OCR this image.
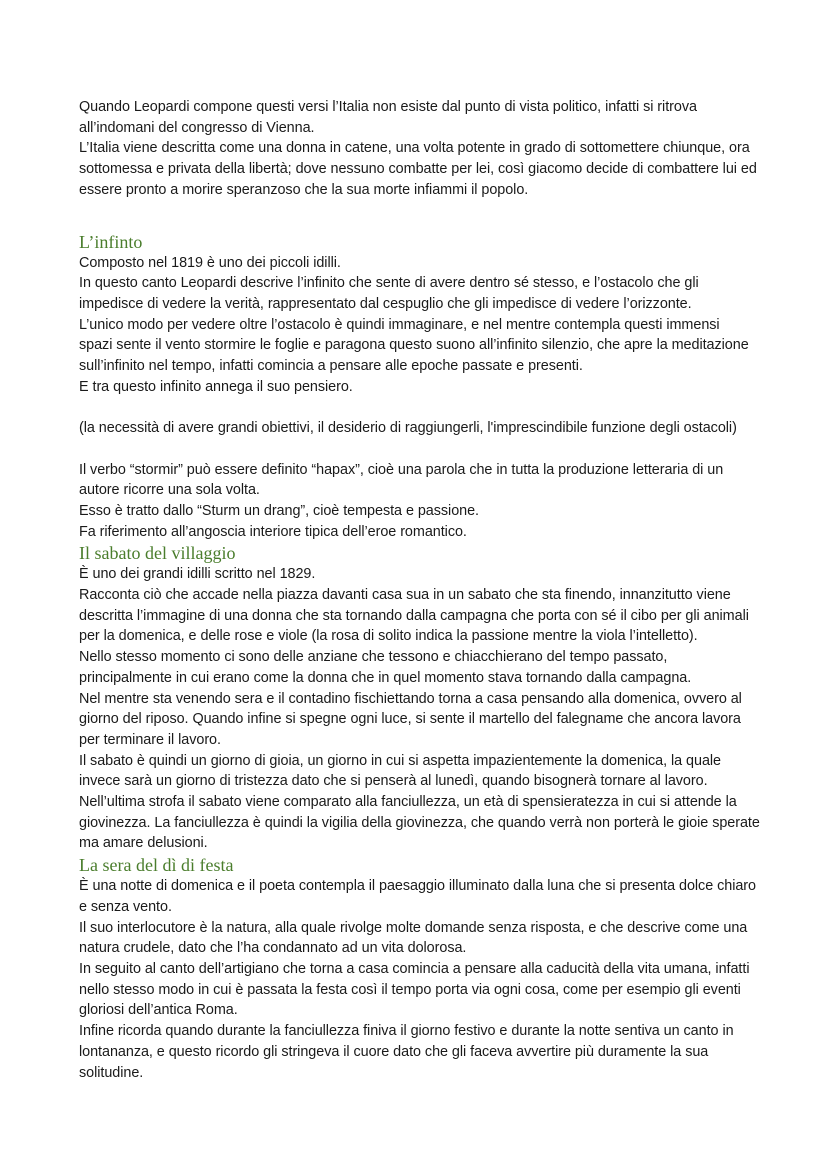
Quando Leopardi compone questi versi l’Italia non esiste dal punto di vista politico, infatti si ritrova
all’indomani del congresso di Vienna.
L’Italia viene descritta come una donna in catene, una volta potente in grado di sottomettere chiunque, ora
sottomessa e privata della libertà; dove nessuno combatte per lei, così giacomo decide di combattere lui ed
essere pronto a morire speranzoso che la sua morte infiammi il popolo.

L’infinto

Composto nel 1819 è uno dei piccoli idilli.
In questo canto Leopardi descrive l’infinito che sente di avere dentro sé stesso, e l’ostacolo che gli
impedisce di vedere la verità, rappresentato dal cespuglio che gli impedisce di vedere l’orizzonte.
L’unico modo per vedere oltre l’ostacolo è quindi immaginare, e nel mentre contempla questi immensi
spazi sente il vento stormire le foglie e paragona questo suono all’infinito silenzio, che apre la meditazione
sull’infinito nel tempo, infatti comincia a pensare alle epoche passate e presenti.
E tra questo infinito annega il suo pensiero.
(la necessità di avere grandi obiettivi, il desiderio di raggiungerli, l'imprescindibile funzione degli ostacoli)
Il verbo “stormir” può essere definito “hapax”, cioè una parola che in tutta la produzione letteraria di un
autore ricorre una sola volta.
Esso è tratto dallo “Sturm un drang”, cioè tempesta e passione.
Fa riferimento all’angoscia interiore tipica dell’eroe romantico.

Il sabato del villaggio

È uno dei grandi idilli scritto nel 1829.
Racconta ciò che accade nella piazza davanti casa sua in un sabato che sta finendo, innanzitutto viene
descritta l’immagine di una donna che sta tornando dalla campagna che porta con sé il cibo per gli animali
per la domenica, e delle rose e viole (la rosa di solito indica la passione mentre la viola l’intelletto).
Nello stesso momento ci sono delle anziane che tessono e chiacchierano del tempo passato,
principalmente in cui erano come la donna che in quel momento stava tornando dalla campagna.
Nel mentre sta venendo sera e il contadino fischiettando torna a casa pensando alla domenica, ovvero al
giorno del riposo. Quando infine si spegne ogni luce, si sente il martello del falegname che ancora lavora
per terminare il lavoro.
Il sabato è quindi un giorno di gioia, un giorno in cui si aspetta impazientemente la domenica, la quale
invece sarà un giorno di tristezza dato che si penserà al lunedì, quando bisognerà tornare al lavoro.
Nell’ultima strofa il sabato viene comparato alla fanciullezza, un età di spensieratezza in cui si attende la
giovinezza. La fanciullezza è quindi la vigilia della giovinezza, che quando verrà non porterà le gioie sperate
ma amare delusioni.

La sera del dì di festa

È una notte di domenica e il poeta contempla il paesaggio illuminato dalla luna che si presenta dolce chiaro
e senza vento.
Il suo interlocutore è la natura, alla quale rivolge molte domande senza risposta, e che descrive come una
natura crudele, dato che l’ha condannato ad un vita dolorosa.
In seguito al canto dell’artigiano che torna a casa comincia a pensare alla caducità della vita umana, infatti
nello stesso modo in cui è passata la festa così il tempo porta via ogni cosa, come per esempio gli eventi
gloriosi dell’antica Roma.
Infine ricorda quando durante la fanciullezza finiva il giorno festivo e durante la notte sentiva un canto in
lontananza, e questo ricordo gli stringeva il cuore dato che gli faceva avvertire più duramente la sua
solitudine.
